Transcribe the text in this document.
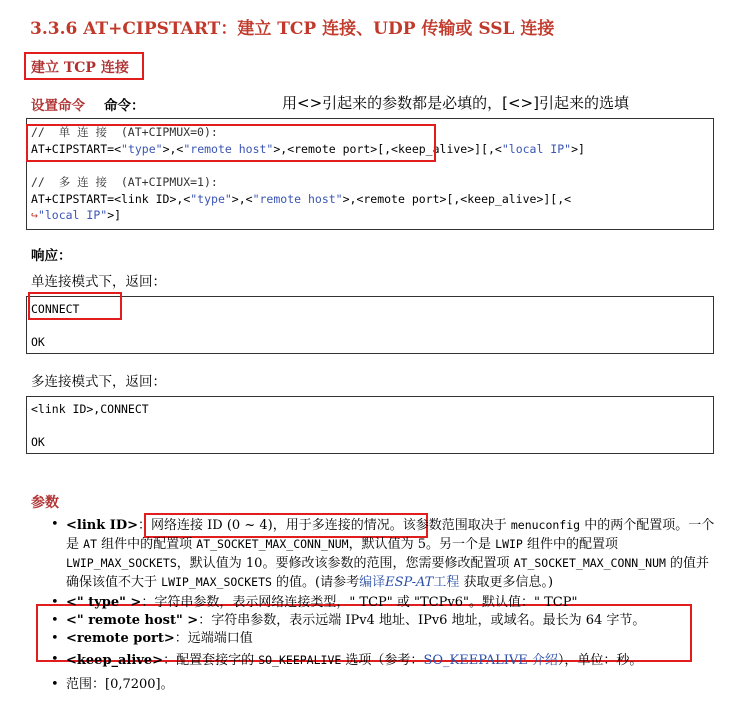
3.3.6 AT+CIPSTART：建立 TCP 连接、UDP 传输或 SSL 连接
建立 TCP 连接
设置命令 命令：	用<>引起来的参数都是必填的，[<>]引起来的选填
//  单 连 接  (AT+CIPMUX=0):
AT+CIPSTART=<"type">,<"remote host">,<remote port>[,<keep_alive>][,<"local IP">]
//  多 连 接  (AT+CIPMUX=1):
AT+CIPSTART=<link ID>,<"type">,<"remote host">,<remote port>[,<keep_alive>][,<
↪"local IP">]
响应：
单连接模式下，返回：
CONNECT
OK
多连接模式下，返回：
<link ID>,CONNECT
OK
参数
• <link ID>：网络连接 ID (0 ~ 4)，用于多连接的情况。该参数范围取决于 menuconfig 中的两个配置项。一个是 AT 组件中的配置项 AT_SOCKET_MAX_CONN_NUM，默认值为 5。另一个是 LWIP 组件中的配置项 LWIP_MAX_SOCKETS，默认值为 10。要修改该参数的范围，您需要修改配置项 AT_SOCKET_MAX_CONN_NUM 的值并确保该值不大于 LWIP_MAX_SOCKETS 的值。(请参考编译ESP-AT工程 获取更多信息。)
• <" type" >：字符串参数，表示网络连接类型，" TCP" 或 "TCPv6"。默认值：" TCP"
• <" remote host" >：字符串参数，表示远端 IPv4 地址、IPv6 地址，或域名。最长为 64 字节。
• <remote port>：远端端口值
• <keep_alive>：配置套接字的 SO_KEEPALIVE 选项（参考：SO_KEEPALIVE 介绍），单位：秒。
• 范围：[0,7200]。
